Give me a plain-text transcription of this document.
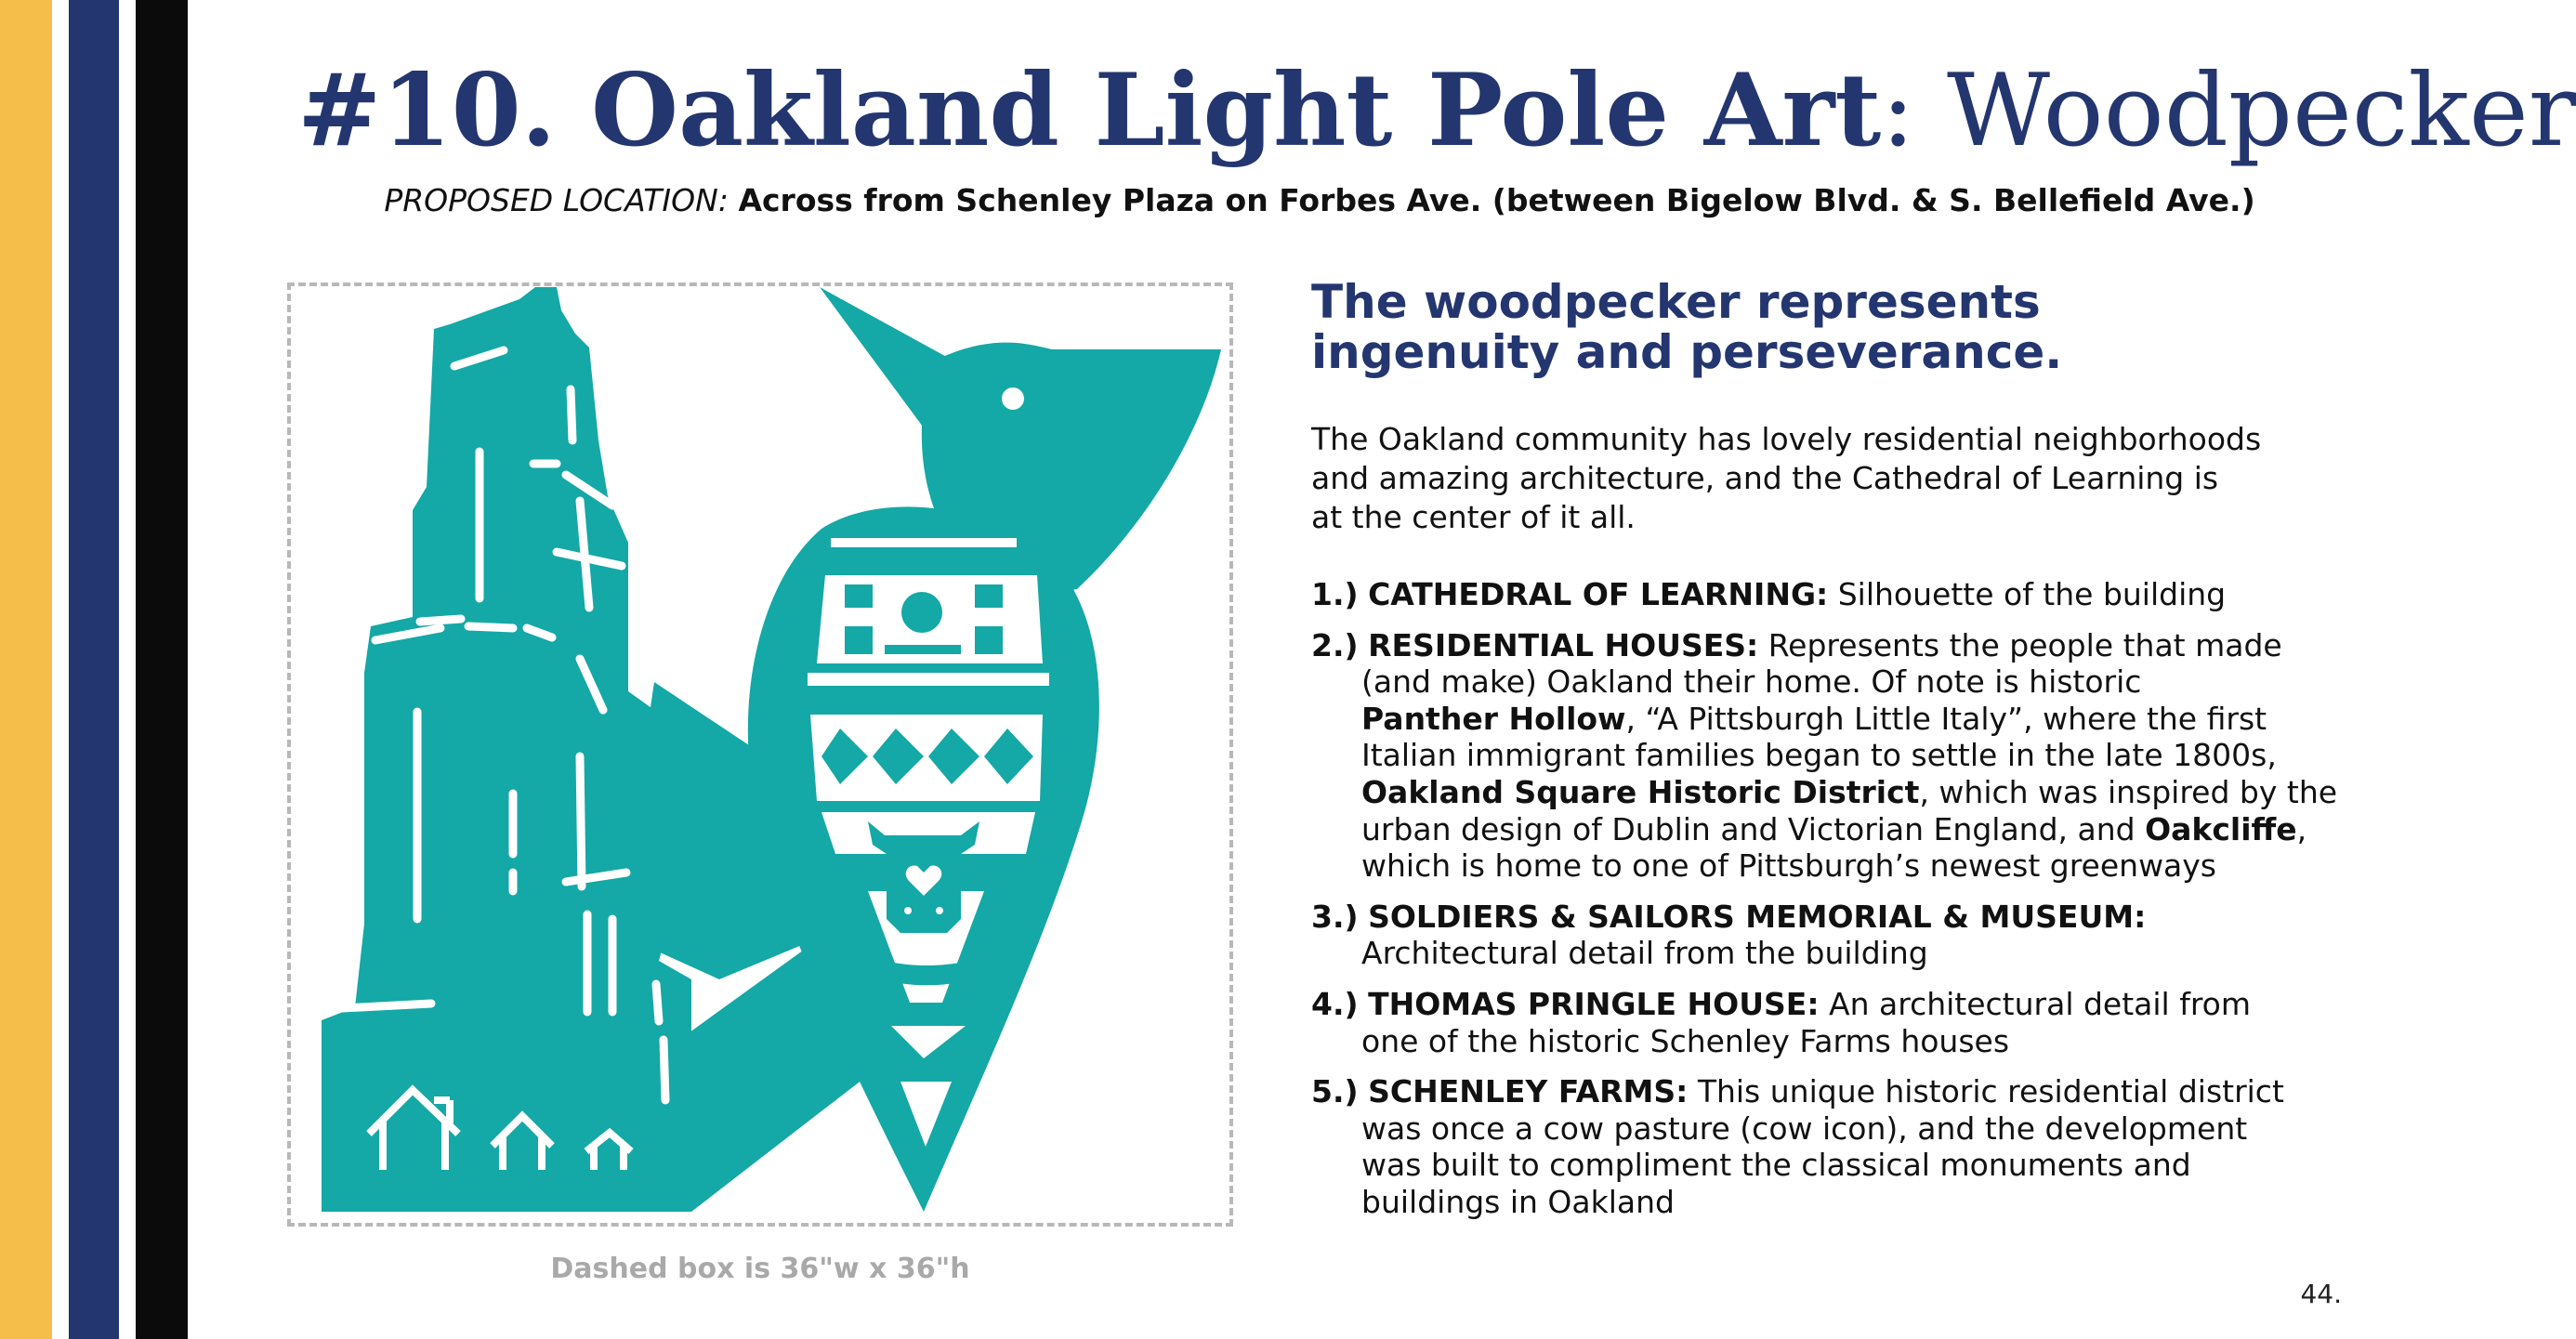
#10. Oakland Light Pole Art: Woodpecker
PROPOSED LOCATION: Across from Schenley Plaza on Forbes Ave. (between Bigelow Blvd. & S. Bellefield Ave.)
Dashed box is 36"w x 36"h
The woodpecker represents
ingenuity and perseverance.
The Oakland community has lovely residential neighborhoods
and amazing architecture, and the Cathedral of Learning is
at the center of it all.
1.) CATHEDRAL OF LEARNING: Silhouette of the building
2.) RESIDENTIAL HOUSES: Represents the people that made
(and make) Oakland their home. Of note is historic
Panther Hollow, “A Pittsburgh Little Italy”, where the first
Italian immigrant families began to settle in the late 1800s,
Oakland Square Historic District, which was inspired by the
urban design of Dublin and Victorian England, and Oakcliffe,
which is home to one of Pittsburgh’s newest greenways
3.) SOLDIERS & SAILORS MEMORIAL & MUSEUM:
Architectural detail from the building
4.) THOMAS PRINGLE HOUSE: An architectural detail from
one of the historic Schenley Farms houses
5.) SCHENLEY FARMS: This unique historic residential district
was once a cow pasture (cow icon), and the development
was built to compliment the classical monuments and
buildings in Oakland
44.
